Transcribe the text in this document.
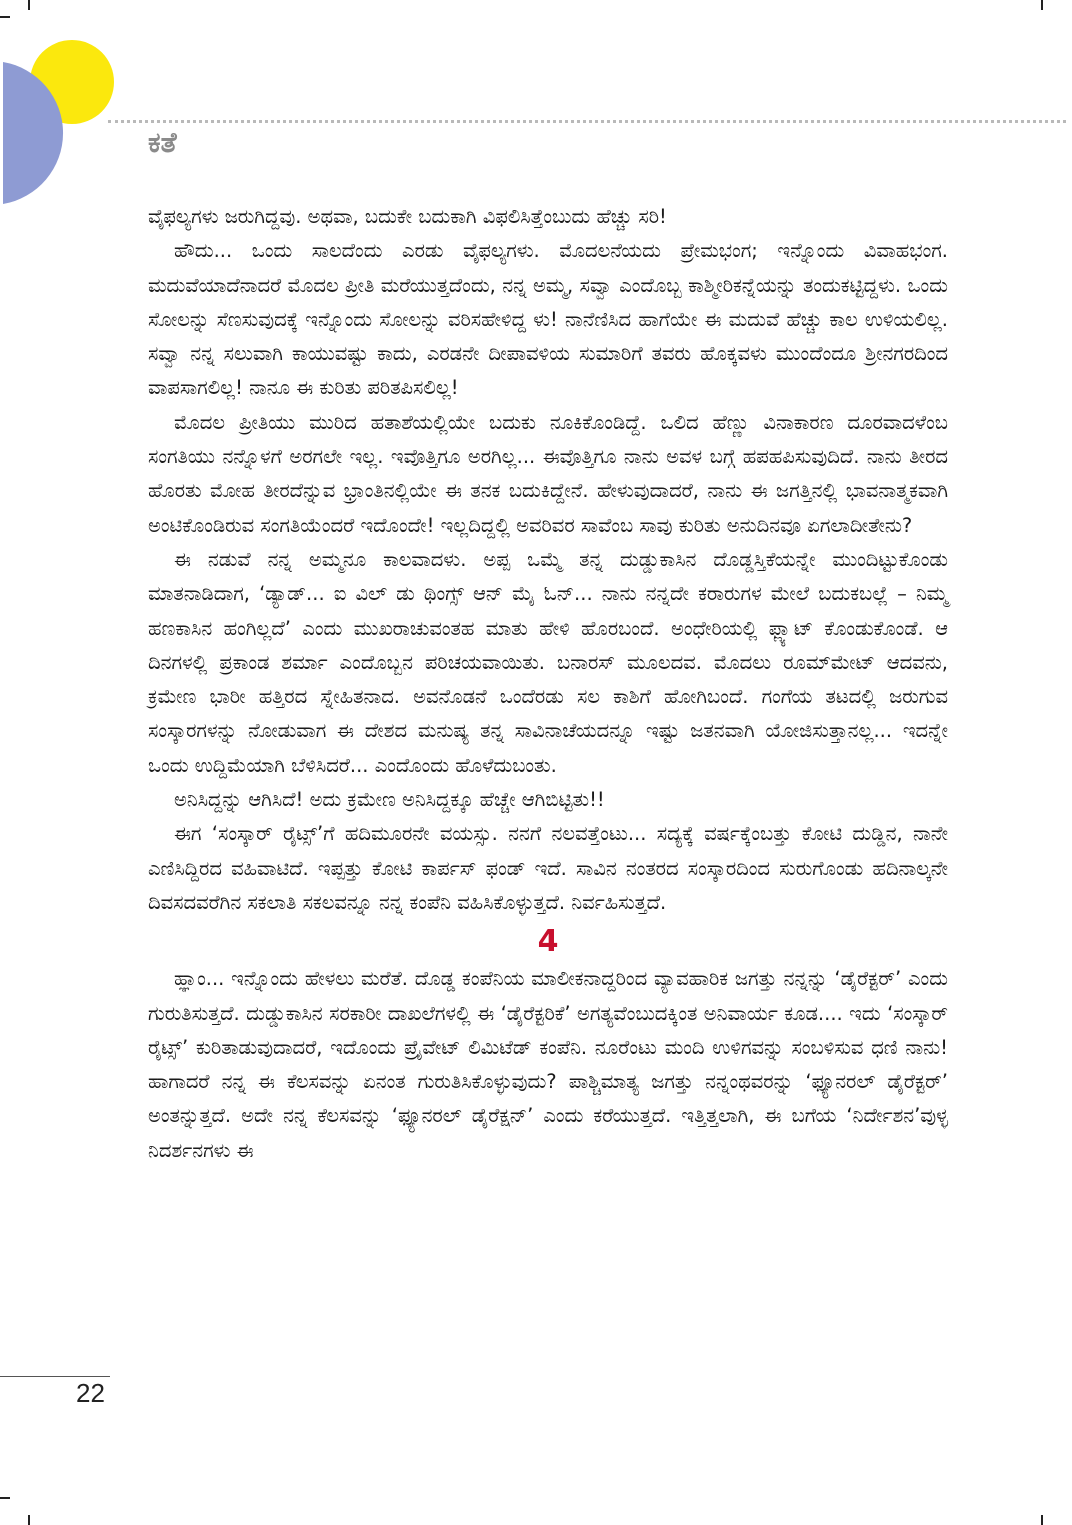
ಕತೆ

ವೈಫಲ್ಯಗಳು ಜರುಗಿದ್ದವು. ಅಥವಾ, ಬದುಕೇ ಬದುಕಾಗಿ ವಿಫಲಿಸಿತ್ತೆಂಬುದು ಹೆಚ್ಚು ಸರಿ!

ಹೌದು... ಒಂದು ಸಾಲದೆಂದು ಎರಡು ವೈಫಲ್ಯಗಳು. ಮೊದಲನೆಯದು ಪ್ರೇಮಭಂಗ; ಇನ್ನೊಂದು ವಿವಾಹಭಂಗ. ಮದುವೆಯಾದೆನಾದರೆ ಮೊದಲ ಪ್ರೀತಿ ಮರೆಯುತ್ತದೆಂದು, ನನ್ನ ಅಮ್ಮ, ಸವ್ವಾ ಎಂದೊಬ್ಬ ಕಾಶ್ಮೀರಿಕನ್ನೆಯನ್ನು ತಂದುಕಟ್ಟಿದ್ದಳು. ಒಂದು ಸೋಲನ್ನು ಸೆಣಸುವುದಕ್ಕೆ ಇನ್ನೊಂದು ಸೋಲನ್ನು ವರಿಸಹೇಳಿದ್ದ ಳು! ನಾನೆಣಿಸಿದ ಹಾಗೆಯೇ ಈ ಮದುವೆ ಹೆಚ್ಚು ಕಾಲ ಉಳಿಯಲಿಲ್ಲ. ಸವ್ವಾ ನನ್ನ ಸಲುವಾಗಿ ಕಾಯುವಷ್ಟು ಕಾದು, ಎರಡನೇ ದೀಪಾವಳಿಯ ಸುಮಾರಿಗೆ ತವರು ಹೊಕ್ಕವಳು ಮುಂದೆಂದೂ ಶ್ರೀನಗರದಿಂದ ವಾಪಸಾಗಲಿಲ್ಲ! ನಾನೂ ಈ ಕುರಿತು ಪರಿತಪಿಸಲಿಲ್ಲ!

ಮೊದಲ ಪ್ರೀತಿಯು ಮುರಿದ ಹತಾಶೆಯಲ್ಲಿಯೇ ಬದುಕು ನೂಕಿಕೊಂಡಿದ್ದೆ. ಒಲಿದ ಹೆಣ್ಣು ವಿನಾಕಾರಣ ದೂರವಾದಳೆಂಬ ಸಂಗತಿಯು ನನ್ನೊಳಗೆ ಅರಗಲೇ ಇಲ್ಲ. ಇವೊತ್ತಿಗೂ ಅರಗಿಲ್ಲ... ಈವೊತ್ತಿಗೂ ನಾನು ಅವಳ ಬಗ್ಗೆ ಹಪಹಪಿಸುವುದಿದೆ. ನಾನು ತೀರದ ಹೊರತು ಮೋಹ ತೀರದೆನ್ನುವ ಭ್ರಾಂತಿನಲ್ಲಿಯೇ ಈ ತನಕ ಬದುಕಿದ್ದೇನೆ. ಹೇಳುವುದಾದರೆ, ನಾನು ಈ ಜಗತ್ತಿನಲ್ಲಿ ಭಾವನಾತ್ಮಕವಾಗಿ ಅಂಟಿಕೊಂಡಿರುವ ಸಂಗತಿಯೆಂದರೆ ಇದೊಂದೇ! ಇಲ್ಲದಿದ್ದಲ್ಲಿ ಅವರಿವರ ಸಾವೆಂಬ ಸಾವು ಕುರಿತು ಅನುದಿನವೂ ಏಗಲಾದೀತೇನು?

ಈ ನಡುವೆ ನನ್ನ ಅಮ್ಮನೂ ಕಾಲವಾದಳು. ಅಪ್ಪ ಒಮ್ಮೆ ತನ್ನ ದುಡ್ಡುಕಾಸಿನ ದೊಡ್ಡಸ್ತಿಕೆಯನ್ನೇ ಮುಂದಿಟ್ಟುಕೊಂಡು ಮಾತನಾಡಿದಾಗ, ‘ಡ್ಯಾಡ್... ಐ ವಿಲ್ ಡು ಥಿಂಗ್ಸ್ ಆನ್ ಮೈ ಓನ್... ನಾನು ನನ್ನದೇ ಕರಾರುಗಳ ಮೇಲೆ ಬದುಕಬಲ್ಲೆ – ನಿಮ್ಮ ಹಣಕಾಸಿನ ಹಂಗಿಲ್ಲದೆ’ ಎಂದು ಮುಖರಾಚುವಂತಹ ಮಾತು ಹೇಳಿ ಹೊರಬಂದೆ. ಅಂಧೇರಿಯಲ್ಲಿ ಫ್ಲ್ಯಾಟ್ ಕೊಂಡುಕೊಂಡೆ. ಆ ದಿನಗಳಲ್ಲಿ ಪ್ರಕಾಂಡ ಶರ್ಮಾ ಎಂದೊಬ್ಬನ ಪರಿಚಯವಾಯಿತು. ಬನಾರಸ್ ಮೂಲದವ. ಮೊದಲು ರೂಮ್‌ಮೇಟ್ ಆದವನು, ಕ್ರಮೇಣ ಭಾರೀ ಹತ್ತಿರದ ಸ್ನೇಹಿತನಾದ. ಅವನೊಡನೆ ಒಂದೆರಡು ಸಲ ಕಾಶಿಗೆ ಹೋಗಿಬಂದೆ. ಗಂಗೆಯ ತಟದಲ್ಲಿ ಜರುಗುವ ಸಂಸ್ಕಾರಗಳನ್ನು ನೋಡುವಾಗ ಈ ದೇಶದ ಮನುಷ್ಯ ತನ್ನ ಸಾವಿನಾಚೆಯದನ್ನೂ ಇಷ್ಟು ಜತನವಾಗಿ ಯೋಜಿಸುತ್ತಾನಲ್ಲ... ಇದನ್ನೇ ಒಂದು ಉದ್ದಿಮೆಯಾಗಿ ಬೆಳಿಸಿದರೆ... ಎಂದೊಂದು ಹೊಳೆದುಬಂತು.

ಅನಿಸಿದ್ದನ್ನು ಆಗಿಸಿದೆ! ಅದು ಕ್ರಮೇಣ ಅನಿಸಿದ್ದಕ್ಕೂ ಹೆಚ್ಚೇ ಆಗಿಬಿಟ್ಟಿತು!!

ಈಗ ‘ಸಂಸ್ಕಾರ್ ರೈಟ್ಸ್’ಗೆ ಹದಿಮೂರನೇ ವಯಸ್ಸು. ನನಗೆ ನಲವತ್ತೆಂಟು... ಸದ್ಯಕ್ಕೆ ವರ್ಷಕ್ಕೆಂಬತ್ತು ಕೋಟಿ ದುಡ್ಡಿನ, ನಾನೇ ಎಣಿಸಿದ್ದಿರದ ವಹಿವಾಟಿದೆ. ಇಪ್ಪತ್ತು ಕೋಟಿ ಕಾರ್ಪಸ್ ಫಂಡ್ ಇದೆ. ಸಾವಿನ ನಂತರದ ಸಂಸ್ಕಾರದಿಂದ ಸುರುಗೊಂಡು ಹದಿನಾಲ್ಕನೇ ದಿವಸದವರೆಗಿನ ಸಕಲಾತಿ ಸಕಲವನ್ನೂ ನನ್ನ ಕಂಪೆನಿ ವಹಿಸಿಕೊಳ್ಳುತ್ತದೆ. ನಿರ್ವಹಿಸುತ್ತದೆ.

4

ಹ್ಞಾಂ... ಇನ್ನೊಂದು ಹೇಳಲು ಮರೆತೆ. ದೊಡ್ಡ ಕಂಪೆನಿಯ ಮಾಲೀಕನಾದ್ದರಿಂದ ವ್ಯಾವಹಾರಿಕ ಜಗತ್ತು ನನ್ನನ್ನು ‘ಡೈರೆಕ್ಟರ್’ ಎಂದು ಗುರುತಿಸುತ್ತದೆ. ದುಡ್ಡುಕಾಸಿನ ಸರಕಾರೀ ದಾಖಲೆಗಳಲ್ಲಿ ಈ ‘ಡೈರೆಕ್ಟರಿಕೆ’ ಅಗತ್ಯವೆಂಬುದಕ್ಕಿಂತ ಅನಿವಾರ್ಯ ಕೂಡ.... ಇದು ‘ಸಂಸ್ಕಾರ್ ರೈಟ್ಸ್’ ಕುರಿತಾಡುವುದಾದರೆ, ಇದೊಂದು ಪ್ರೈವೇಟ್ ಲಿಮಿಟೆಡ್ ಕಂಪೆನಿ. ನೂರೆಂಟು ಮಂದಿ ಉಳಿಗವನ್ನು ಸಂಬಳಿಸುವ ಧಣಿ ನಾನು! ಹಾಗಾದರೆ ನನ್ನ ಈ ಕೆಲಸವನ್ನು ಏನಂತ ಗುರುತಿಸಿಕೊಳ್ಳುವುದು? ಪಾಶ್ಚಿಮಾತ್ಯ ಜಗತ್ತು ನನ್ನಂಥವರನ್ನು ‘ಫ್ಯೂನರಲ್ ಡೈರೆಕ್ಟರ್’ ಅಂತನ್ನುತ್ತದೆ. ಅದೇ ನನ್ನ ಕೆಲಸವನ್ನು ‘ಫ್ಯೂನರಲ್ ಡೈರೆಕ್ಷನ್’ ಎಂದು ಕರೆಯುತ್ತದೆ. ಇತ್ತಿತ್ತಲಾಗಿ, ಈ ಬಗೆಯ ‘ನಿರ್ದೇಶನ’ವುಳ್ಳ ನಿದರ್ಶನಗಳು ಈ

22
